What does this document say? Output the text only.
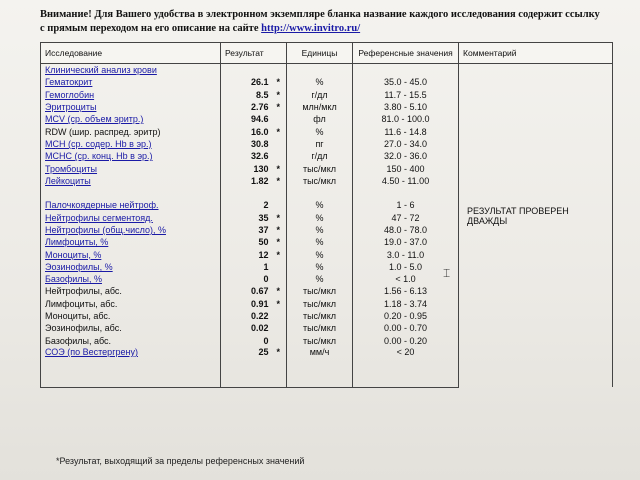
Внимание! Для Вашего удобства в электронном экземпляре бланка название каждого исследования содержит ссылку с прямым переходом на его описание на сайте http://www.invitro.ru/
Исследование	Результат		Единицы	Референсные значения	Комментарий
Клинический анализ крови					РЕЗУЛЬТАТ ПРОВЕРЕН ДВАЖДЫ

Гематокрит	26.1	*	%	35.0 - 45.0	
Гемоглобин	8.5	*	г/дл	11.7 - 15.5	
Эритроциты	2.76	*	млн/мкл	3.80 - 5.10	
MCV (ср. объем эритр.)	94.6		фл	81.0 - 100.0	
RDW (шир. распред. эритр)	16.0	*	%	11.6 - 14.8	
MCH (ср. содер. Hb в эр.)	30.8		пг	27.0 - 34.0	
МСНС (ср. конц. Hb в эр.)	32.6		г/дл	32.0 - 36.0	
Тромбоциты	130	*	тыс/мкл	150 - 400	
Лейкоциты	1.82	*	тыс/мкл	4.50 - 11.00	

Палочкоядерные нейтроф.	2		%	1 - 6	
Нейтрофилы сегментояд.	35	*	%	47 - 72	
Нейтрофилы (общ.число), %	37	*	%	48.0 - 78.0	
Лимфоциты, %	50	*	%	19.0 - 37.0	
Моноциты, %	12	*	%	3.0 - 11.0	
Эозинофилы, %	1		%	1.0 - 5.0	
Базофилы, %	0		%	< 1.0	
Нейтрофилы, абс.	0.67	*	тыс/мкл	1.56 - 6.13	
Лимфоциты, абс.	0.91	*	тыс/мкл	1.18 - 3.74	
Моноциты, абс.	0.22		тыс/мкл	0.20 - 0.95	
Эозинофилы, абс.	0.02		тыс/мкл	0.00 - 0.70	
Базофилы, абс.	0		тыс/мкл	0.00 - 0.20	
СОЭ (по Вестергрену)	25	*	мм/ч	< 20	
*Результат, выходящий за пределы референсных значений
⌶
